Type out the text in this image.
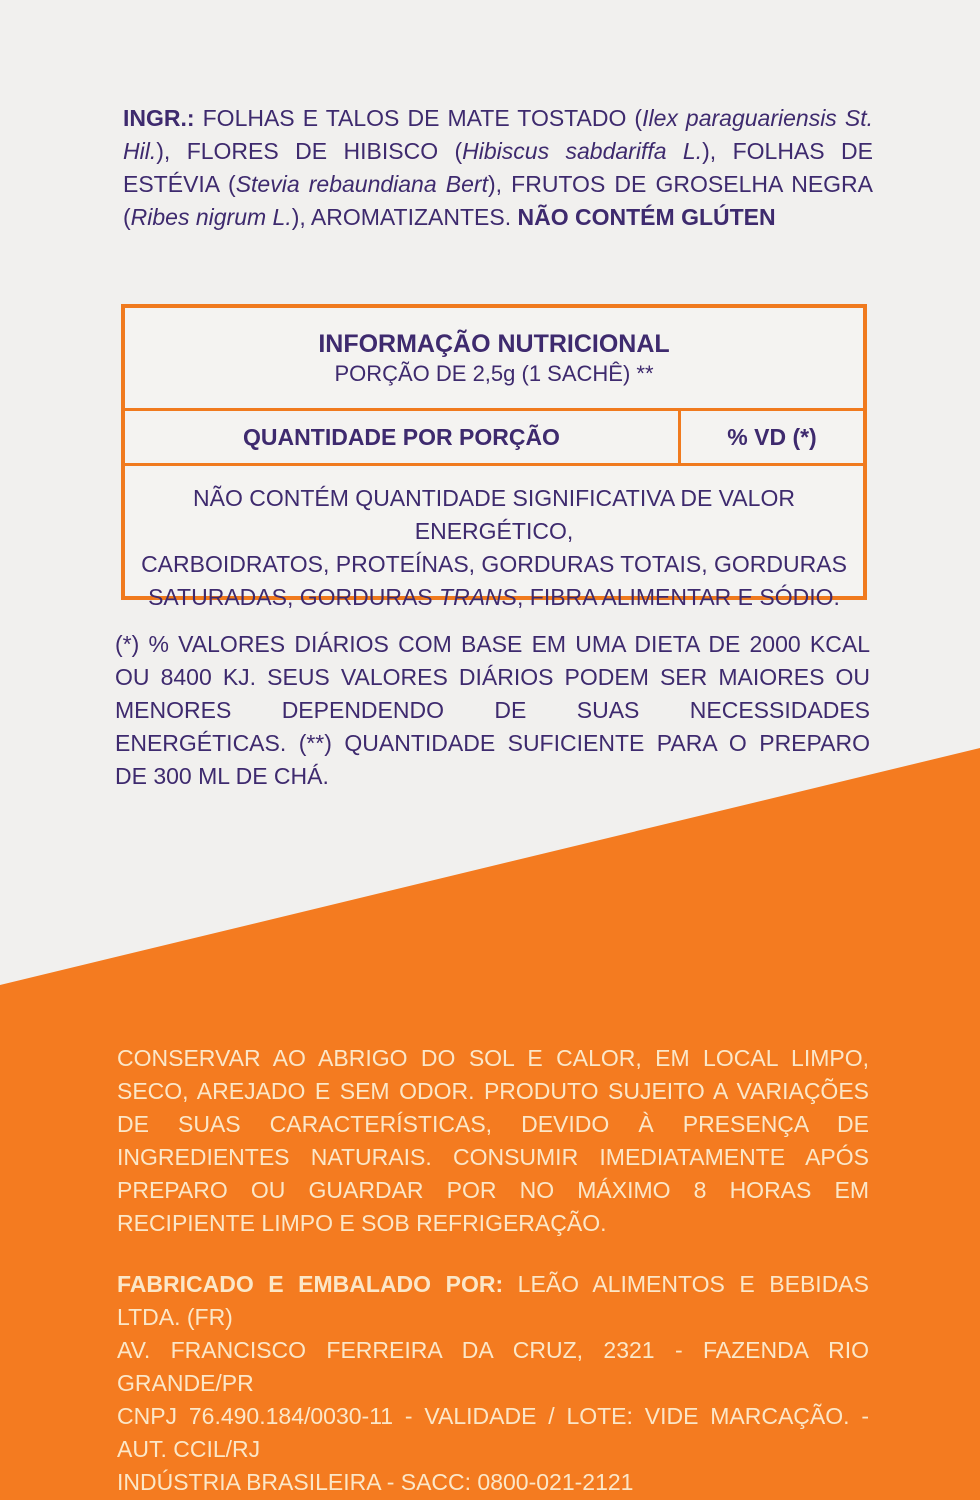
INGR.: FOLHAS E TALOS DE MATE TOSTADO (Ilex paraguariensis St. Hil.), FLORES DE HIBISCO (Hibiscus sabdariffa L.), FOLHAS DE ESTÉVIA (Stevia rebaundiana Bert), FRUTOS DE GROSELHA NEGRA (Ribes nigrum L.), AROMATIZANTES. NÃO CONTÉM GLÚTEN
INFORMAÇÃO NUTRICIONAL
PORÇÃO DE 2,5g (1 SACHÊ) **
QUANTIDADE POR PORÇÃO	% VD (*)
NÃO CONTÉM QUANTIDADE SIGNIFICATIVA DE VALOR ENERGÉTICO,
CARBOIDRATOS, PROTEÍNAS, GORDURAS TOTAIS, GORDURAS
SATURADAS, GORDURAS TRANS, FIBRA ALIMENTAR E SÓDIO.
(*) % VALORES DIÁRIOS COM BASE EM UMA DIETA DE 2000 KCAL OU 8400 KJ. SEUS VALORES DIÁRIOS PODEM SER MAIORES OU MENORES DEPENDENDO DE SUAS NECESSIDADES ENERGÉTICAS. (**) QUANTIDADE SUFICIENTE PARA O PREPARO DE 300 ML DE CHÁ.
CONSERVAR AO ABRIGO DO SOL E CALOR, EM LOCAL LIMPO, SECO, AREJADO E SEM ODOR. PRODUTO SUJEITO A VARIAÇÕES DE SUAS CARACTERÍSTICAS, DEVIDO À PRESENÇA DE INGREDIENTES NATURAIS. CONSUMIR IMEDIATAMENTE APÓS PREPARO OU GUARDAR POR NO MÁXIMO 8 HORAS EM RECIPIENTE LIMPO E SOB REFRIGERAÇÃO.
FABRICADO E EMBALADO POR: LEÃO ALIMENTOS E BEBIDAS LTDA. (FR)
AV. FRANCISCO FERREIRA DA CRUZ, 2321 - FAZENDA RIO GRANDE/PR
CNPJ 76.490.184/0030-11 - VALIDADE / LOTE: VIDE MARCAÇÃO. - AUT. CCIL/RJ
INDÚSTRIA BRASILEIRA - SACC: 0800-021-2121
